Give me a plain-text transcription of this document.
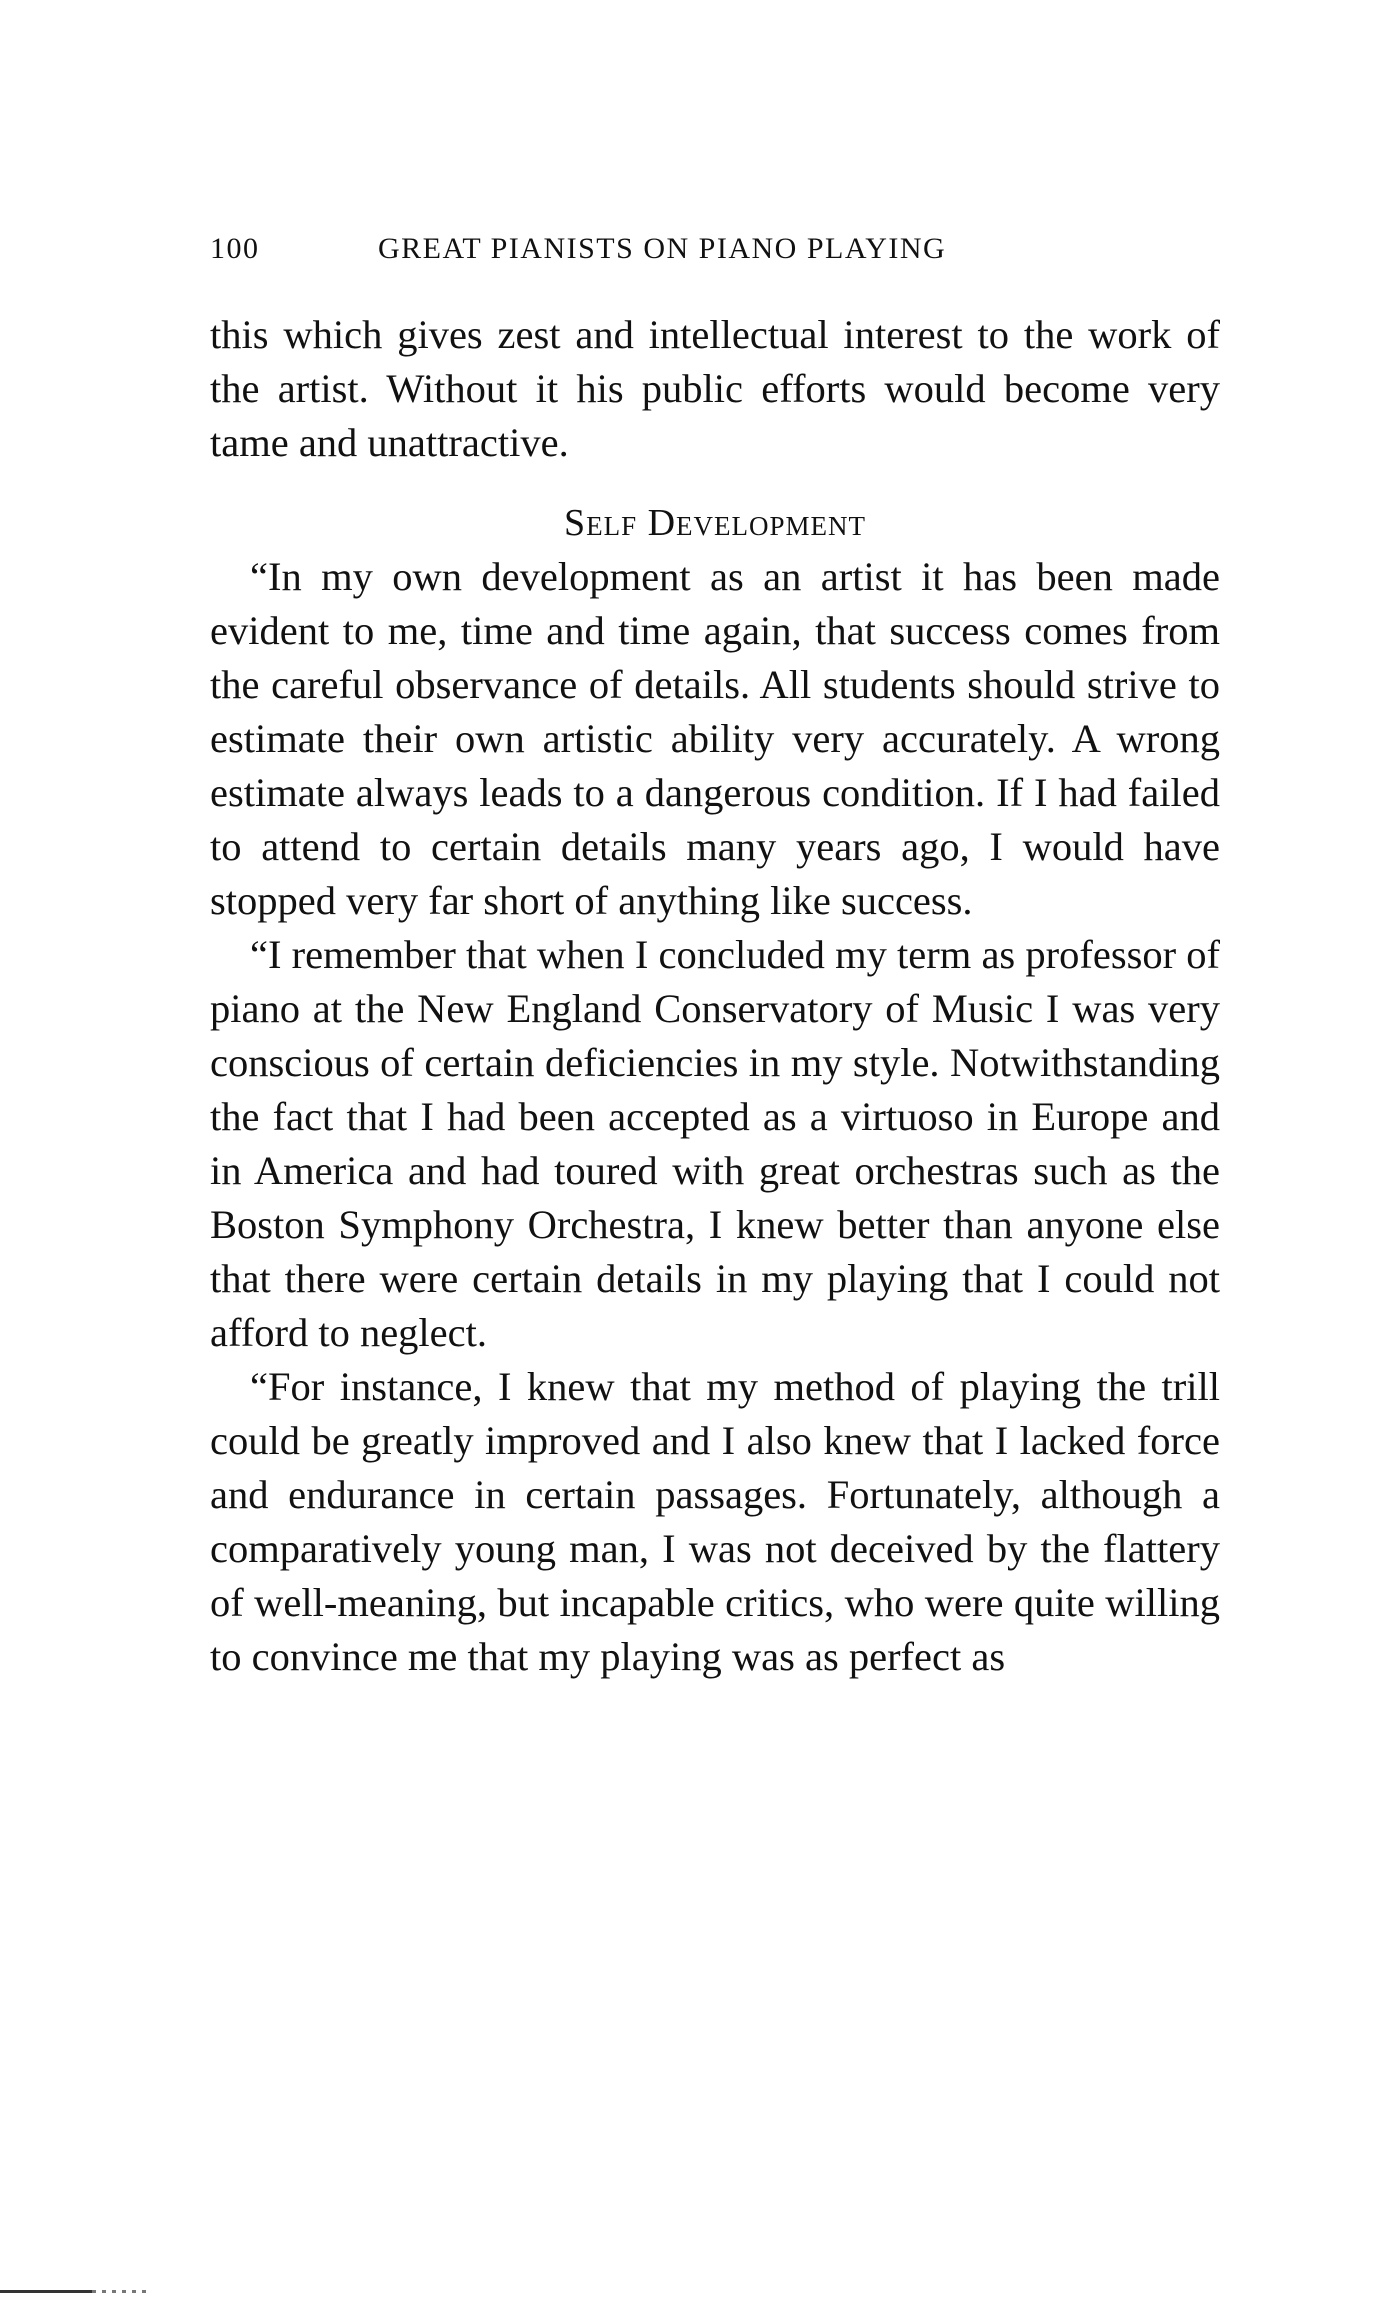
100	GREAT PIANISTS ON PIANO PLAYING

this which gives zest and intellectual interest to the work of the artist. Without it his public efforts would become very tame and unattractive.

Self Development

“In my own development as an artist it has been made evident to me, time and time again, that success comes from the careful observance of details. All students should strive to estimate their own artistic ability very accurately. A wrong estimate always leads to a dangerous condition. If I had failed to attend to certain details many years ago, I would have stopped very far short of anything like success.

“I remember that when I concluded my term as professor of piano at the New England Conservatory of Music I was very conscious of certain deficiencies in my style. Notwithstanding the fact that I had been accepted as a virtuoso in Europe and in America and had toured with great orchestras such as the Boston Symphony Orchestra, I knew better than anyone else that there were certain details in my playing that I could not afford to neglect.

“For instance, I knew that my method of playing the trill could be greatly improved and I also knew that I lacked force and endurance in certain passages. Fortunately, although a comparatively young man, I was not deceived by the flattery of well-meaning, but incapable critics, who were quite willing to convince me that my playing was as perfect as
